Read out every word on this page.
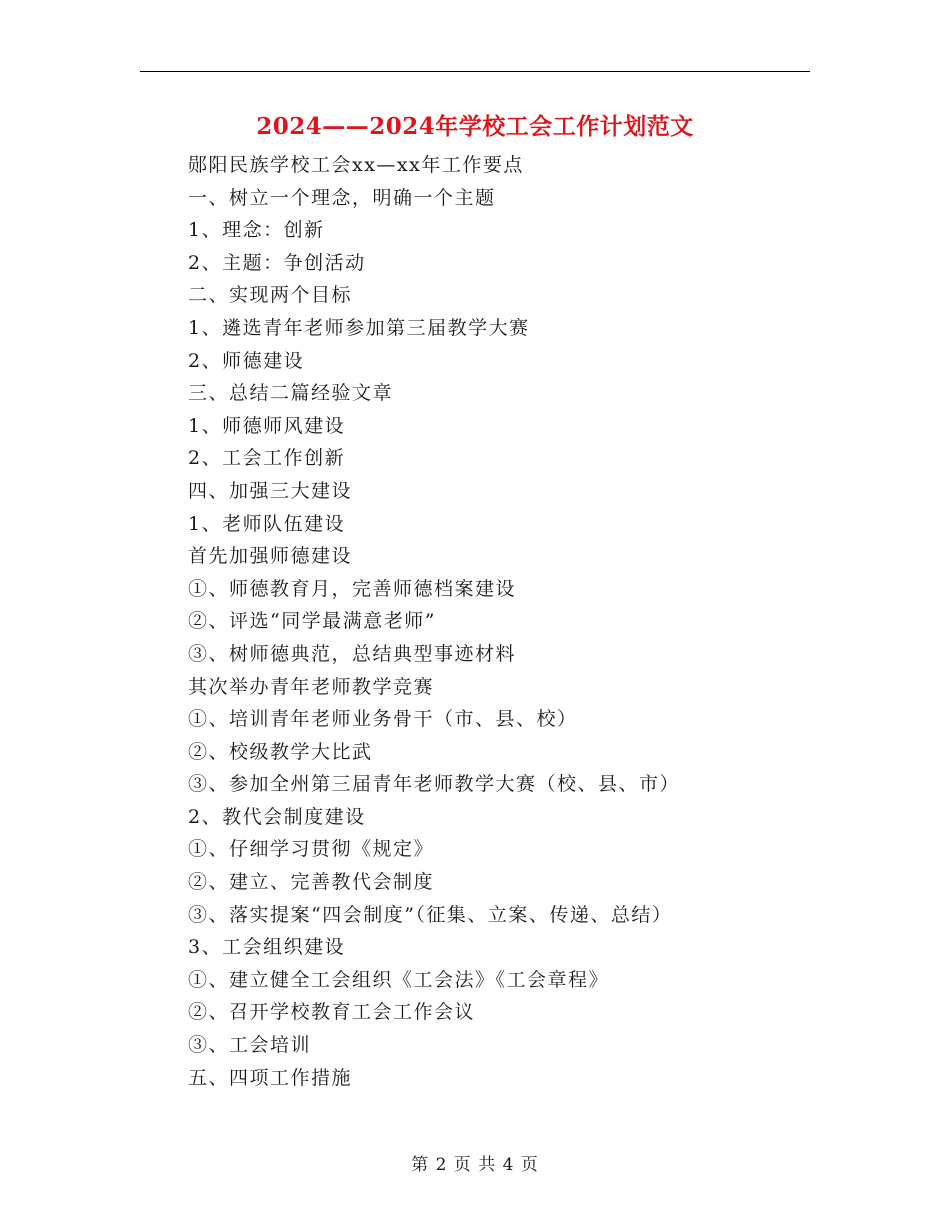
2024——2024年学校工会工作计划范文
郧阳民族学校工会xx—xx年工作要点
一、树立一个理念，明确一个主题
1、理念：创新
2、主题：争创活动
二、实现两个目标
1、遴选青年老师参加第三届教学大赛
2、师德建设
三、总结二篇经验文章
1、师德师风建设
2、工会工作创新
四、加强三大建设
1、老师队伍建设
首先加强师德建设
①、师德教育月，完善师德档案建设
②、评选“同学最满意老师”
③、树师德典范，总结典型事迹材料
其次举办青年老师教学竞赛
①、培训青年老师业务骨干（市、县、校）
②、校级教学大比武
③、参加全州第三届青年老师教学大赛（校、县、市）
2、教代会制度建设
①、仔细学习贯彻《规定》
②、建立、完善教代会制度
③、落实提案“四会制度”（征集、立案、传递、总结）
3、工会组织建设
①、建立健全工会组织《工会法》《工会章程》
②、召开学校教育工会工作会议
③、工会培训
五、四项工作措施
第 2 页 共 4 页
